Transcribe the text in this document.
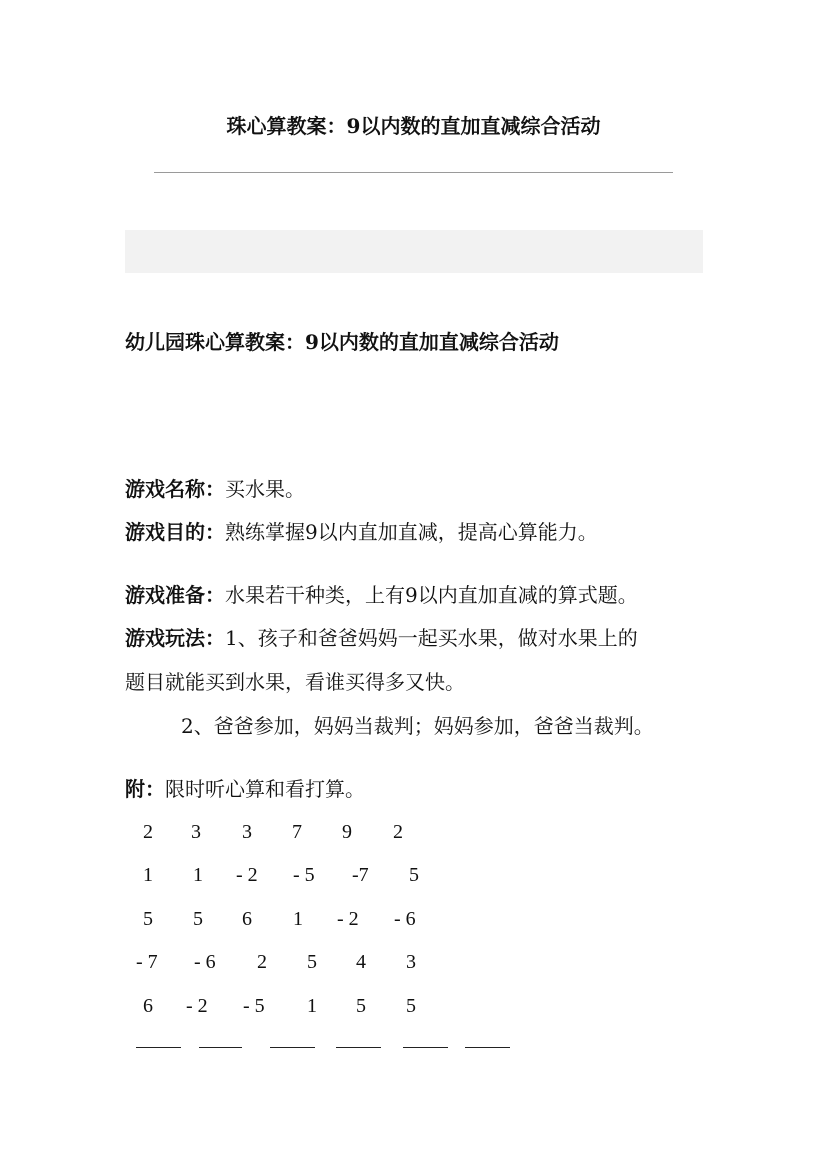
珠心算教案：9以内数的直加直减综合活动
幼儿园珠心算教案：9以内数的直加直减综合活动

游戏名称：买水果。

游戏目的：熟练掌握9以内直加直减，提高心算能力。

游戏准备：水果若干种类，上有9以内直加直减的算式题。

游戏玩法：1、孩子和爸爸妈妈一起买水果，做对水果上的

题目就能买到水果，看谁买得多又快。

2、爸爸参加，妈妈当裁判；妈妈参加，爸爸当裁判。

附：限时听心算和看打算。

2 3 3 7 9 2
1 1 - 2 - 5 -7 5
5 5 6 1 - 2 - 6
- 7 - 6 2 5 4 3
6 - 2 - 5 1 5 5
